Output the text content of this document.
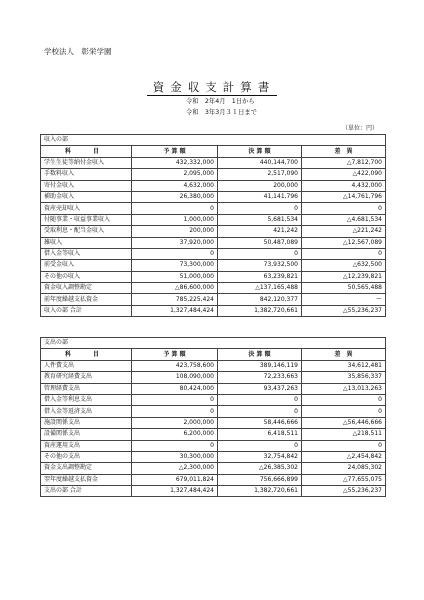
学校法人　彰栄学園
資金収支計算書
令和　2年4月　1日から
令和　3年3月３１日まで
（単位：円）
収入の部			
科　目	予 算 額	決 算 額	差　異
学生生徒等納付金収入	432,332,000	440,144,700	△7,812,700
手数料収入	2,095,000	2,517,090	△422,090
寄付金収入	4,632,000	200,000	4,432,000
補助金収入	26,380,000	41,141,796	△14,761,796
資産売却収入	0	0	0
付随事業・収益事業収入	1,000,000	5,681,534	△4,681,534
受取利息・配当金収入	200,000	421,242	△221,242
雑収入	37,920,000	50,487,089	△12,567,089
借入金等収入	0	0	0
前受金収入	73,300,000	73,932,500	△632,500
その他の収入	51,000,000	63,239,821	△12,239,821
資金収入調整勘定	△86,600,000	△137,165,488	50,565,488
前年度繰越支払資金	785,225,424	842,120,377	ー
収入の部 合計	1,327,484,424	1,382,720,661	△55,236,237
支出の部			
科　目	予 算 額	決 算 額	差　異
人件費支出	423,758,600	389,146,119	34,612,481
教育研究経費支出	108,090,000	72,233,663	35,856,337
管理経費支出	80,424,000	93,437,263	△13,013,263
借入金等利息支出	0	0	0
借入金等返済支出	0	0	0
施設関係支出	2,000,000	58,446,666	△56,446,666
設備関係支出	6,200,000	6,418,511	△218,511
資産運用支出	0	0	0
その他の支出	30,300,000	32,754,842	△2,454,842
資金支出調整勘定	△2,300,000	△26,385,302	24,085,302
翌年度繰越支払資金	679,011,824	756,666,899	△77,655,075
支出の部 合計	1,327,484,424	1,382,720,661	△55,236,237
